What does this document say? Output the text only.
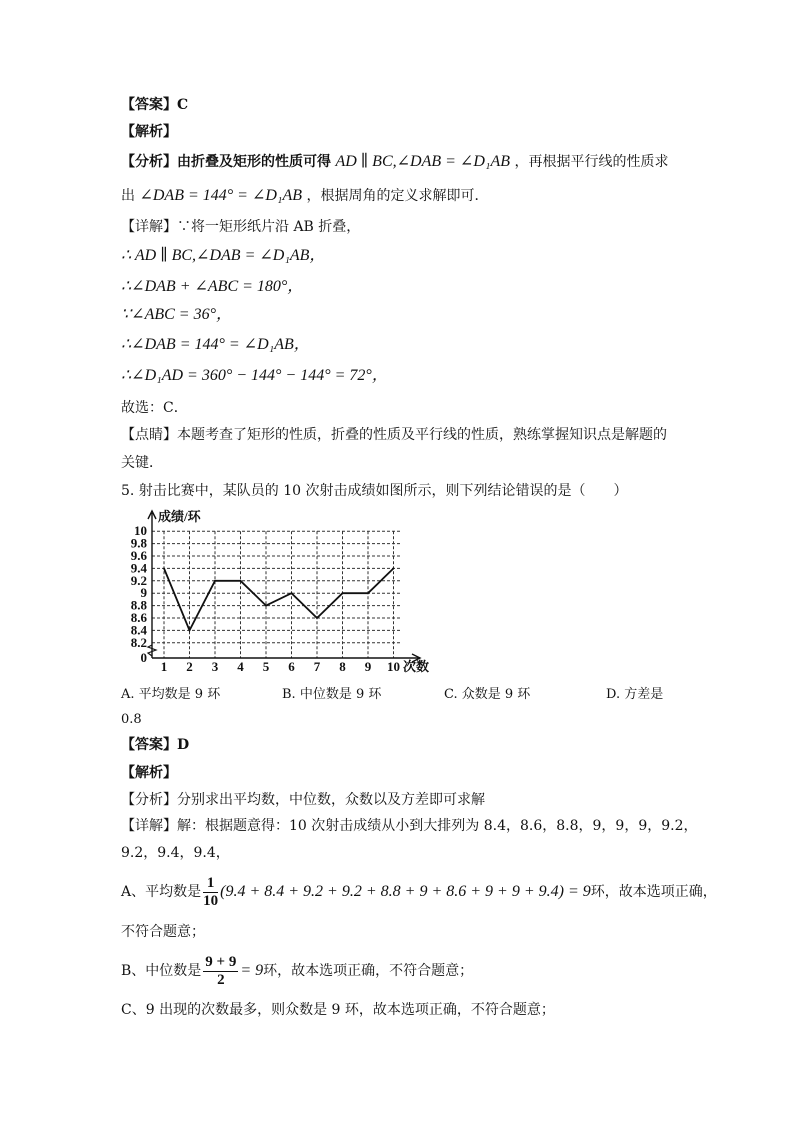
【答案】C
【解析】
【分析】由折叠及矩形的性质可得 AD ∥ BC,∠DAB = ∠D₁AB ，再根据平行线的性质求
出 ∠DAB = 144° = ∠D₁AB ，根据周角的定义求解即可．
【详解】∵将一矩形纸片沿 AB 折叠，
∴ AD ∥ BC,∠DAB = ∠D₁AB，
∴∠DAB + ∠ABC = 180°，
∵∠ABC = 36°，
∴∠DAB = 144° = ∠D₁AB，
∴∠D₁AD = 360° − 144° − 144° = 72°，
故选：C．
【点睛】本题考查了矩形的性质，折叠的性质及平行线的性质，熟练掌握知识点是解题的
关键．
5. 射击比赛中，某队员的 10 次射击成绩如图所示，则下列结论错误的是（　　）
0
8.2
8.4
8.6
8.8
9
9.2
9.4
9.6
9.8
10
1 2 3 4 5 6 7 8 9 10
成绩/环
次数
A. 平均数是 9 环	B. 中位数是 9 环	C. 众数是 9 环	D. 方差是
0.8
【答案】D
【解析】
【分析】分别求出平均数，中位数，众数以及方差即可求解
【详解】解：根据题意得：10 次射击成绩从小到大排列为 8.4，8.6，8.8，9，9，9，9.2，
9.2，9.4，9.4，
A、平均数是 $\frac{1}{10} (9.4 + 8.4 + 9.2 + 9.2 + 8.8 + 9 + 8.6 + 9 + 9 + 9.4) = 9$环，故本选项正确，
不符合题意；
B、中位数是 $\frac{9 + 9}{2} = 9$环，故本选项正确，不符合题意；
C、9 出现的次数最多，则众数是 9 环，故本选项正确，不符合题意；
